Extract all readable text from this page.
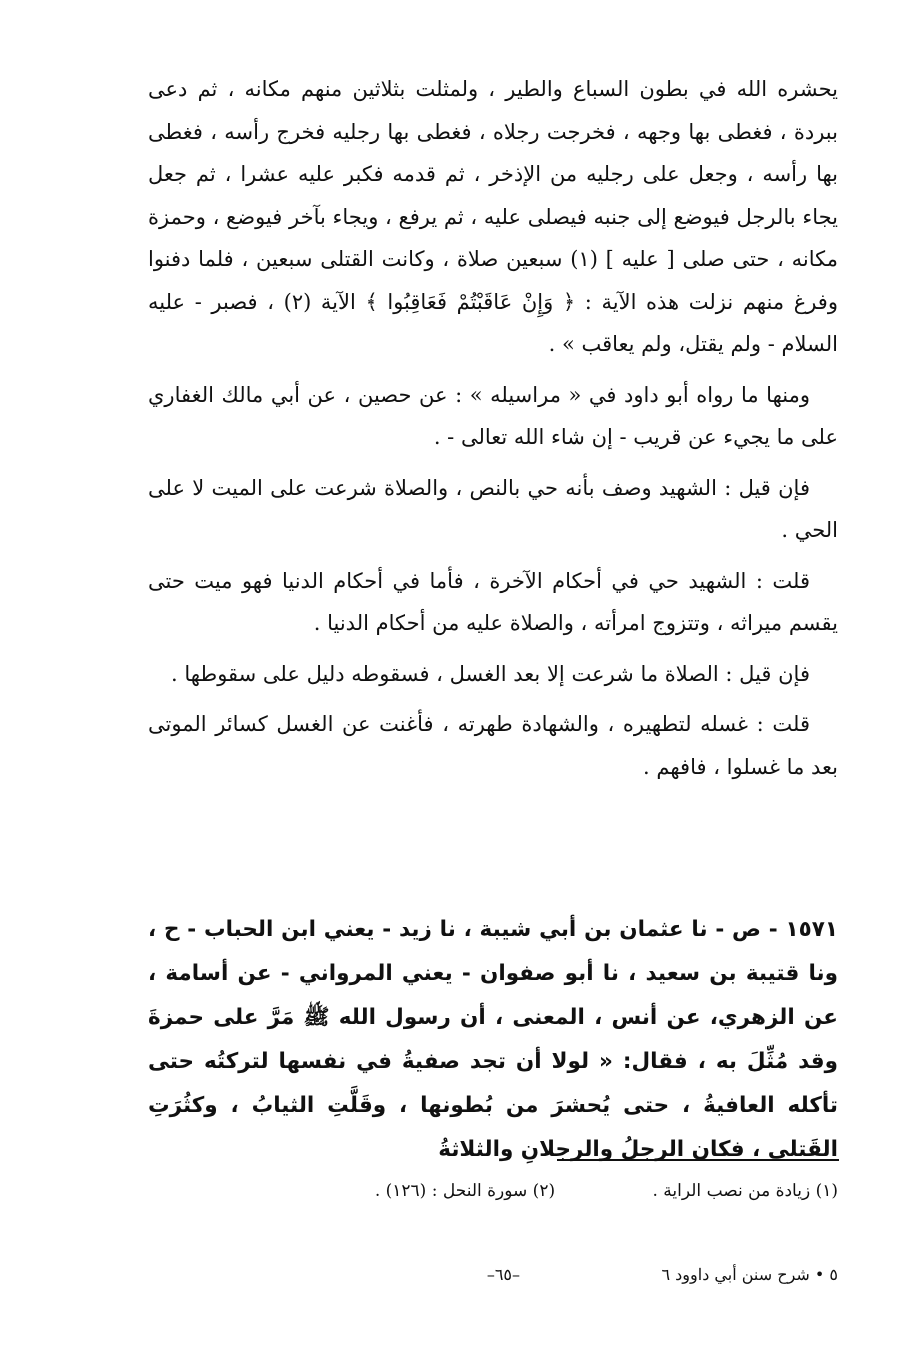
يحشره الله في بطون السباع والطير ، ولمثلت بثلاثين منهم مكانه ، ثم دعى ببردة ، فغطى بها وجهه ، فخرجت رجلاه ، فغطى بها رجليه فخرج رأسه ، فغطى بها رأسه ، وجعل على رجليه من الإذخر ، ثم قدمه فكبر عليه عشرا ، ثم جعل يجاء بالرجل فيوضع إلى جنبه فيصلى عليه ، ثم يرفع ، ويجاء بآخر فيوضع ، وحمزة مكانه ، حتى صلى [ عليه ] (١) سبعين صلاة ، وكانت القتلى سبعين ، فلما دفنوا وفرغ منهم نزلت هذه الآية : ﴿ وَإِنْ عَاقَبْتُمْ فَعَاقِبُوا ﴾ الآية (٢) ، فصبر - عليه السلام - ولم يقتل، ولم يعاقب » .

ومنها ما رواه أبو داود في « مراسيله » : عن حصين ، عن أبي مالك الغفاري على ما يجيء عن قريب - إن شاء الله تعالى - .

فإن قيل : الشهيد وصف بأنه حي بالنص ، والصلاة شرعت على الميت لا على الحي .

قلت : الشهيد حي في أحكام الآخرة ، فأما في أحكام الدنيا فهو ميت حتى يقسم ميراثه ، وتتزوج امرأته ، والصلاة عليه من أحكام الدنيا .

فإن قيل : الصلاة ما شرعت إلا بعد الغسل ، فسقوطه دليل على سقوطها .

قلت : غسله لتطهيره ، والشهادة طهرته ، فأغنت عن الغسل كسائر الموتى بعد ما غسلوا ، فافهم .

١٥٧١ - ص - نا عثمان بن أبي شيبة ، نا زيد - يعني ابن الحباب - ح ، ونا قتيبة بن سعيد ، نا أبو صفوان - يعني المرواني - عن أسامة ، عن الزهري، عن أنس ، المعنى ، أن رسول الله ﷺ مَرَّ على حمزةَ وقد مُثِّلَ به ، فقال: « لولا أن تجد صفيةُ في نفسها لتركتُه حتى تأكله العافيةُ ، حتى يُحشرَ من بُطونها ، وقَلَّتِ الثيابُ ، وكثُرَتِ القَتلى ، فكان الرجلُ والرجلانِ والثلاثةُ

(١) زيادة من نصب الراية . (٢) سورة النحل : (١٢٦) .
٥ • شرح سنن أبي داوود ٦
–٦٥–
